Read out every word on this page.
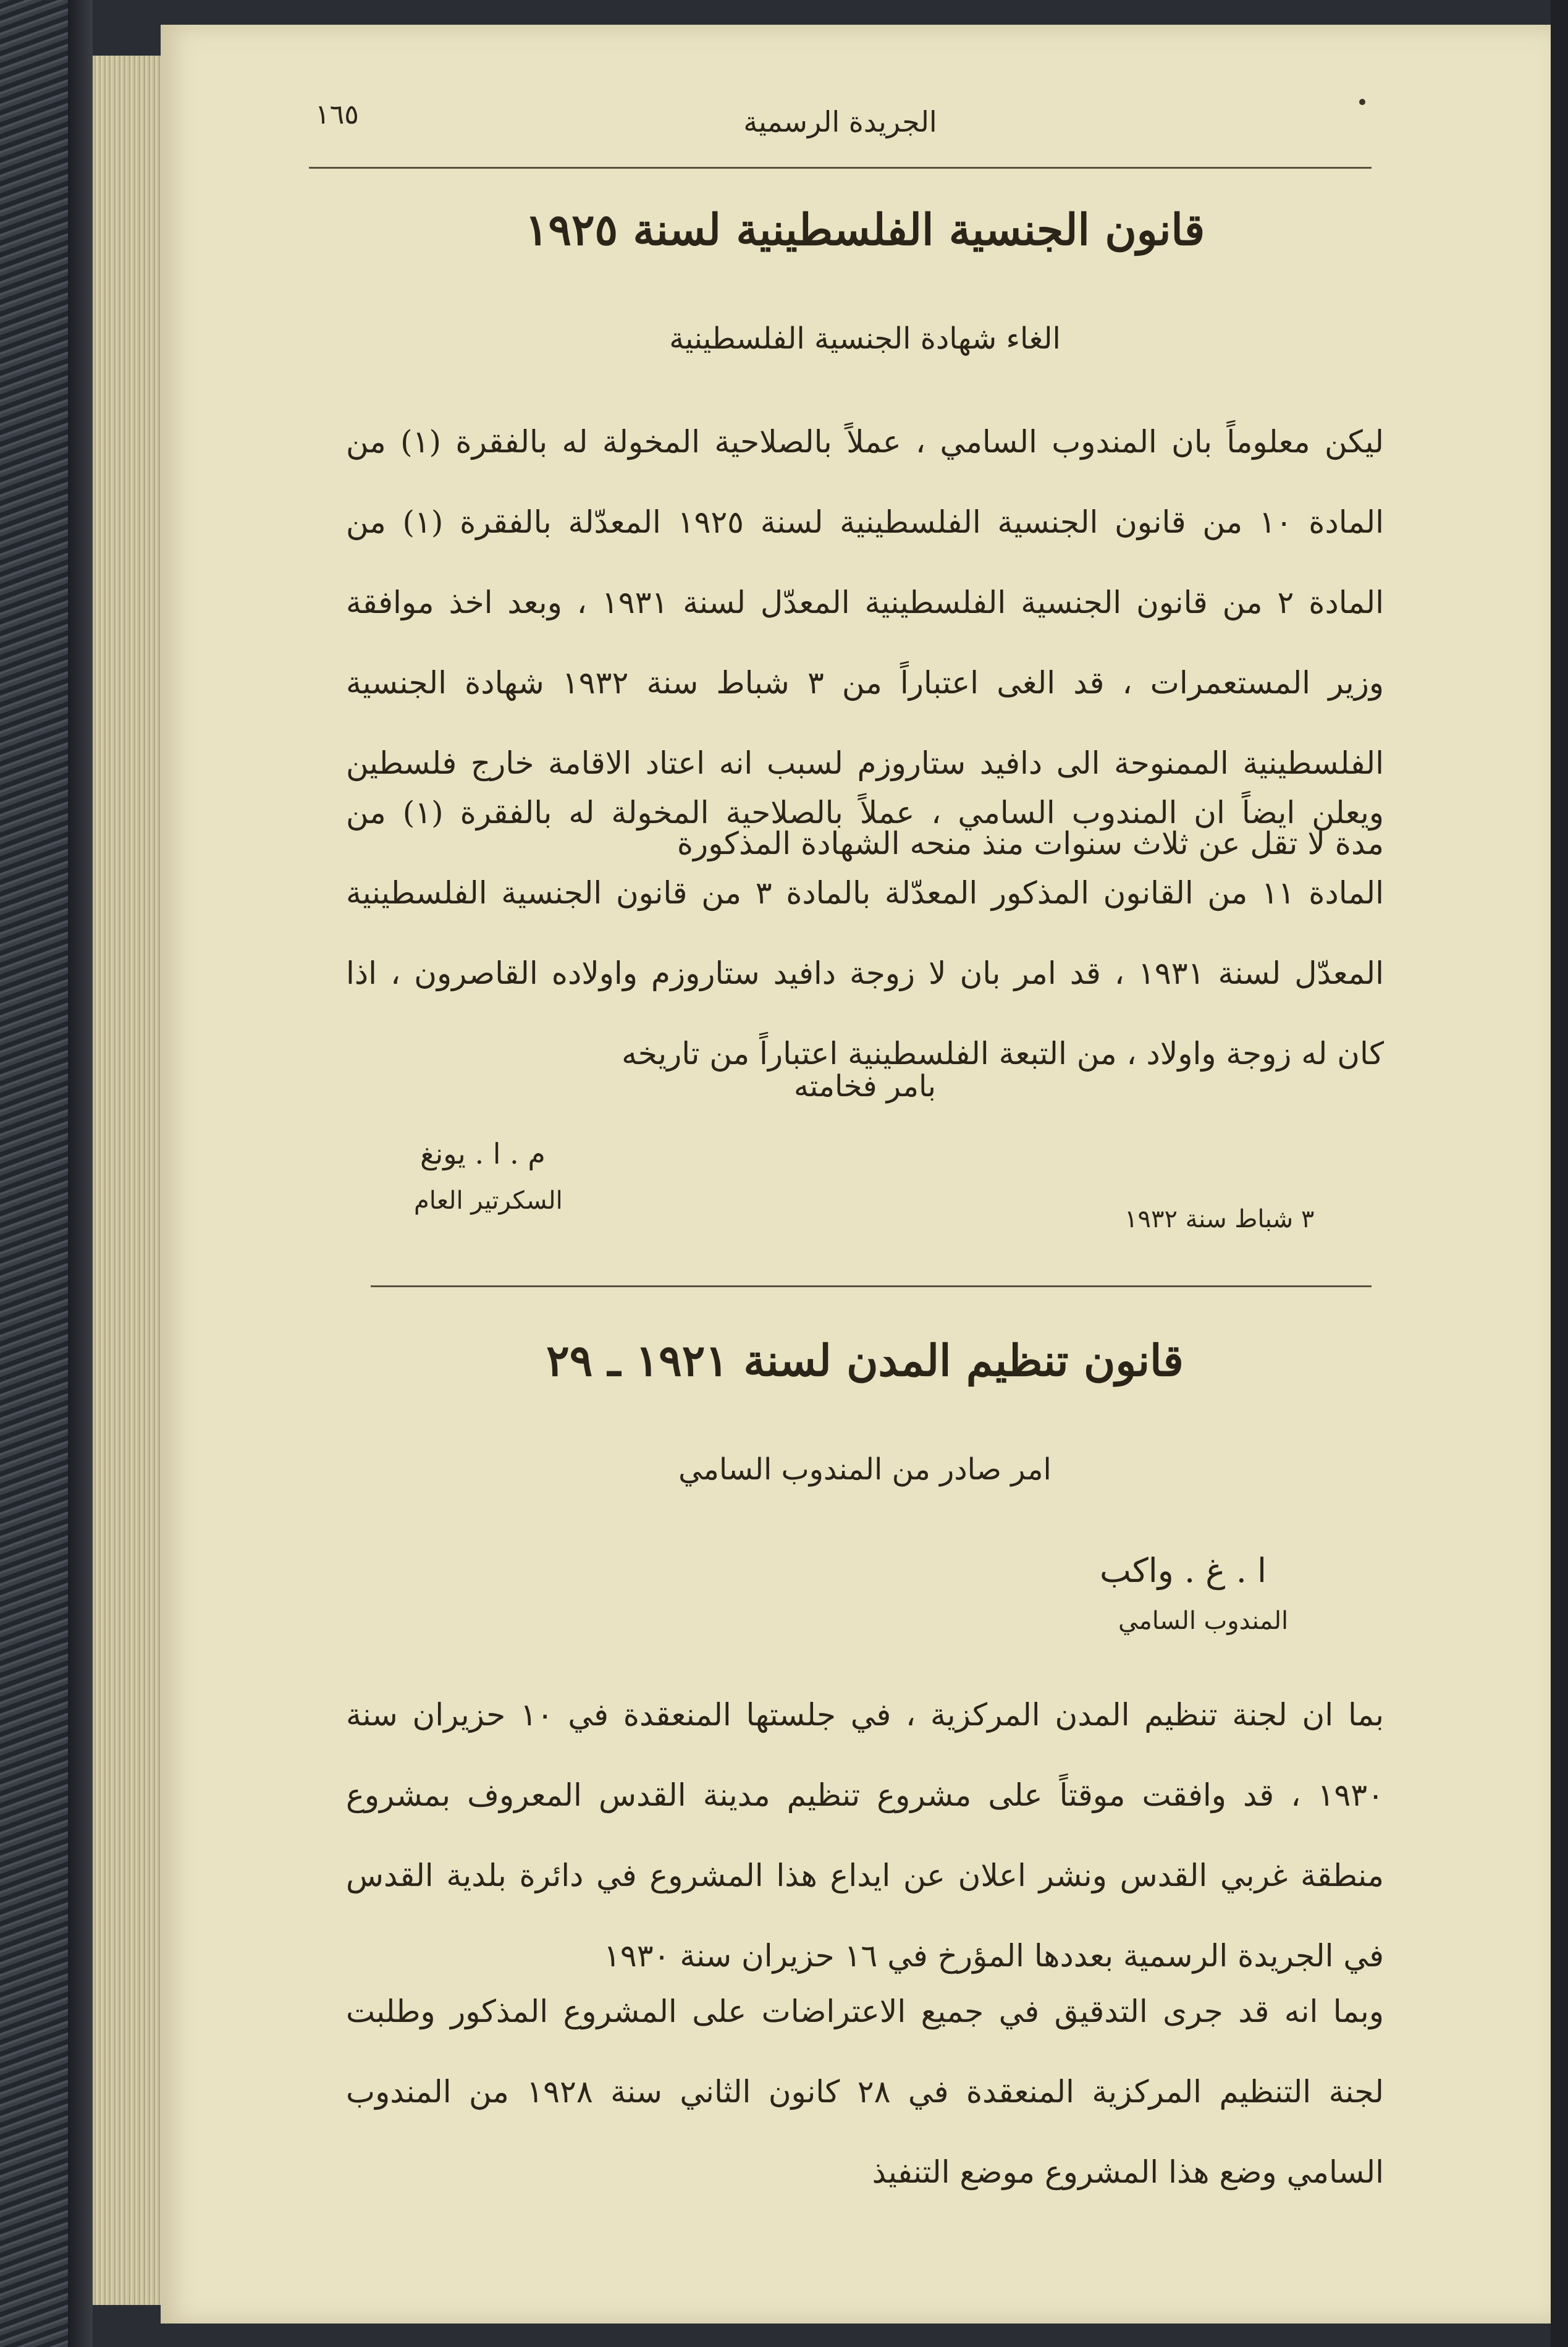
١٦٥	الجريدة الرسمية
قانون الجنسية الفلسطينية لسنة ١٩٢٥
الغاء شهادة الجنسية الفلسطينية
ليكن معلوماً بان المندوب السامي ، عملاً بالصلاحية المخولة له بالفقرة (١) من المادة ١٠ من قانون الجنسية الفلسطينية لسنة ١٩٢٥ المعدّلة بالفقرة (١) من المادة ٢ من قانون الجنسية الفلسطينية المعدّل لسنة ١٩٣١ ، وبعد اخذ موافقة وزير المستعمرات ، قد الغى اعتباراً من ٣ شباط سنة ١٩٣٢ شهادة الجنسية الفلسطينية الممنوحة الى دافيد ستاروزم لسبب انه اعتاد الاقامة خارج فلسطين مدة لا تقل عن ثلاث سنوات منذ منحه الشهادة المذكورة
ويعلن ايضاً ان المندوب السامي ، عملاً بالصلاحية المخولة له بالفقرة (١) من المادة ١١ من القانون المذكور المعدّلة بالمادة ٣ من قانون الجنسية الفلسطينية المعدّل لسنة ١٩٣١ ، قد امر بان لا زوجة دافيد ستاروزم واولاده القاصرون ، اذا كان له زوجة واولاد ، من التبعة الفلسطينية اعتباراً من تاريخه
بامر فخامته
م . ا . يونغ
السكرتير العام
٣ شباط سنة ١٩٣٢
قانون تنظيم المدن لسنة ١٩٢١ ـ ٢٩
امر صادر من المندوب السامي
ا . غ . واكب
المندوب السامي
بما ان لجنة تنظيم المدن المركزية ، في جلستها المنعقدة في ١٠ حزيران سنة ١٩٣٠ ، قد وافقت موقتاً على مشروع تنظيم مدينة القدس المعروف بمشروع منطقة غربي القدس ونشر اعلان عن ايداع هذا المشروع في دائرة بلدية القدس في الجريدة الرسمية بعددها المؤرخ في ١٦ حزيران سنة ١٩٣٠
وبما انه قد جرى التدقيق في جميع الاعتراضات على المشروع المذكور وطلبت لجنة التنظيم المركزية المنعقدة في ٢٨ كانون الثاني سنة ١٩٢٨ من المندوب السامي وضع هذا المشروع موضع التنفيذ
